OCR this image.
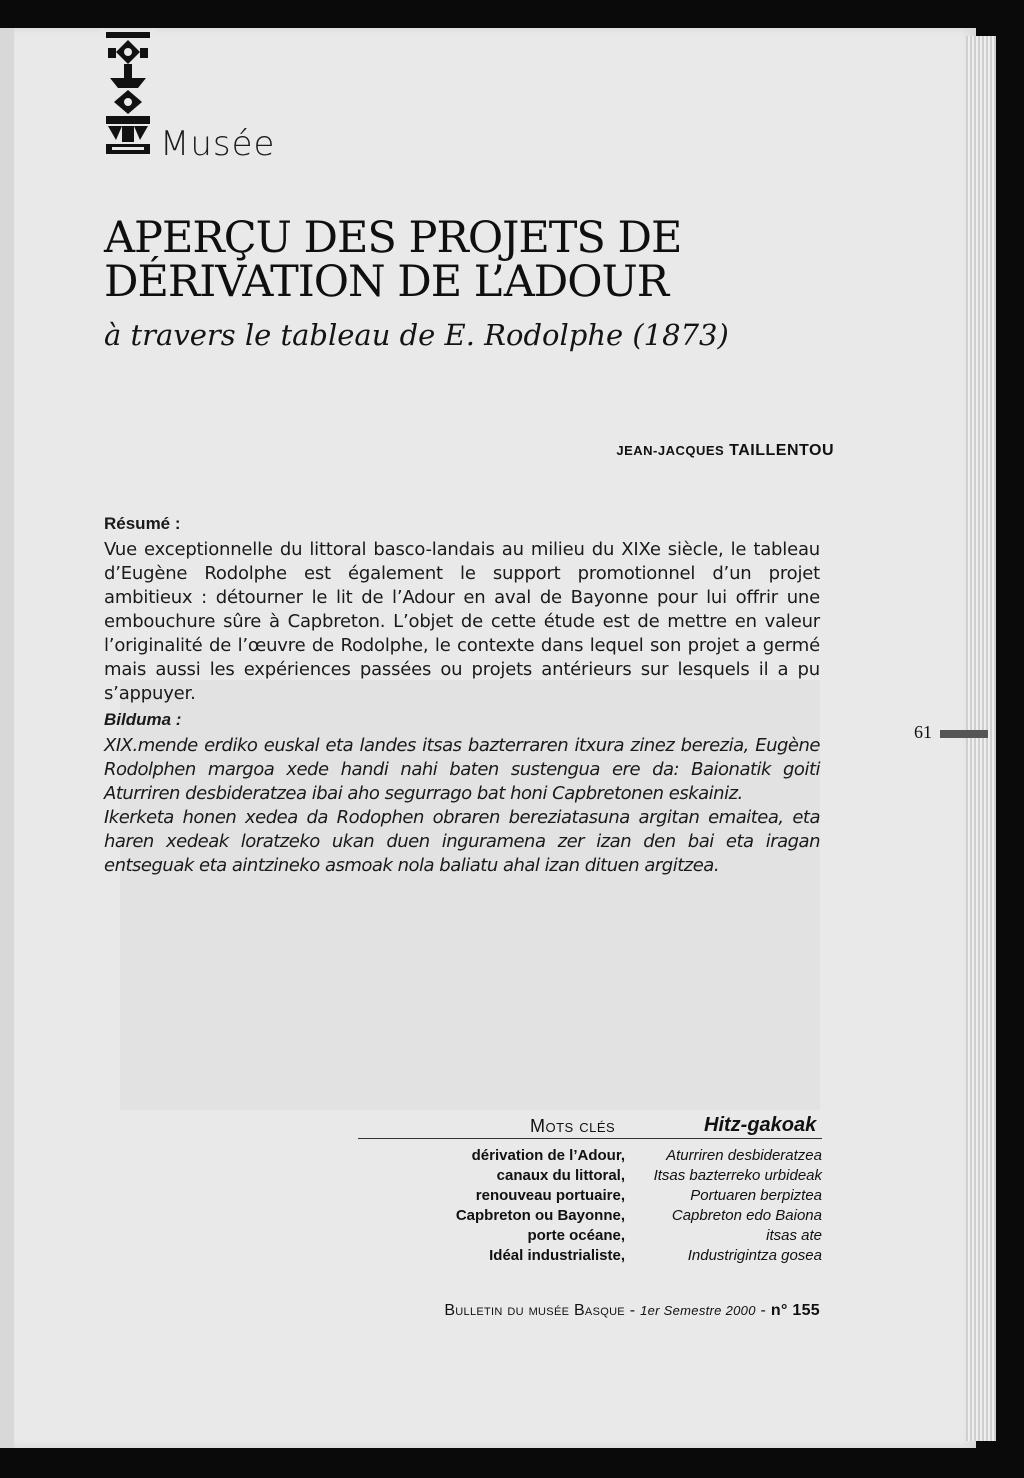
Musée
APERÇU DES PROJETS DE
DÉRIVATION DE L’ADOUR

à travers le tableau de E. Rodolphe (1873)

JEAN-JACQUES TAILLENTOU

Résumé :

Vue exceptionnelle du littoral basco-landais au milieu du XIXe siècle, le tableau d’Eugène Rodolphe est également le support promotionnel d’un projet ambitieux : détourner le lit de l’Adour en aval de Bayonne pour lui offrir une embouchure sûre à Capbreton. L’objet de cette étude est de mettre en valeur l’originalité de l’œuvre de Rodolphe, le contexte dans lequel son projet a germé mais aussi les expériences passées ou projets antérieurs sur lesquels il a pu s’appuyer.

Bilduma :

XIX.mende erdiko euskal eta landes itsas bazterraren itxura zinez berezia, Eugène Rodolphen margoa xede handi nahi baten sustengua ere da: Baionatik goiti Aturriren desbideratzea ibai aho segurrago bat honi Capbretonen eskainiz.

Ikerketa honen xedea da Rodophen obraren bereziatasuna argitan emaitea, eta haren xedeak loratzeko ukan duen inguramena zer izan den bai eta iragan entseguak eta aintzineko asmoak nola baliatu ahal izan dituen argitzea.

61
Mots clés	Hitz-gakoak
dérivation de l’Adour,
canaux du littoral,
renouveau portuaire,
Capbreton ou Bayonne,
porte océane,
Idéal industrialiste,
Aturriren desbideratzea
Itsas bazterreko urbideak
Portuaren berpiztea
Capbreton edo Baiona
itsas ate
Industrigintza gosea
Bulletin du musée Basque - 1er Semestre 2000 - n° 155
